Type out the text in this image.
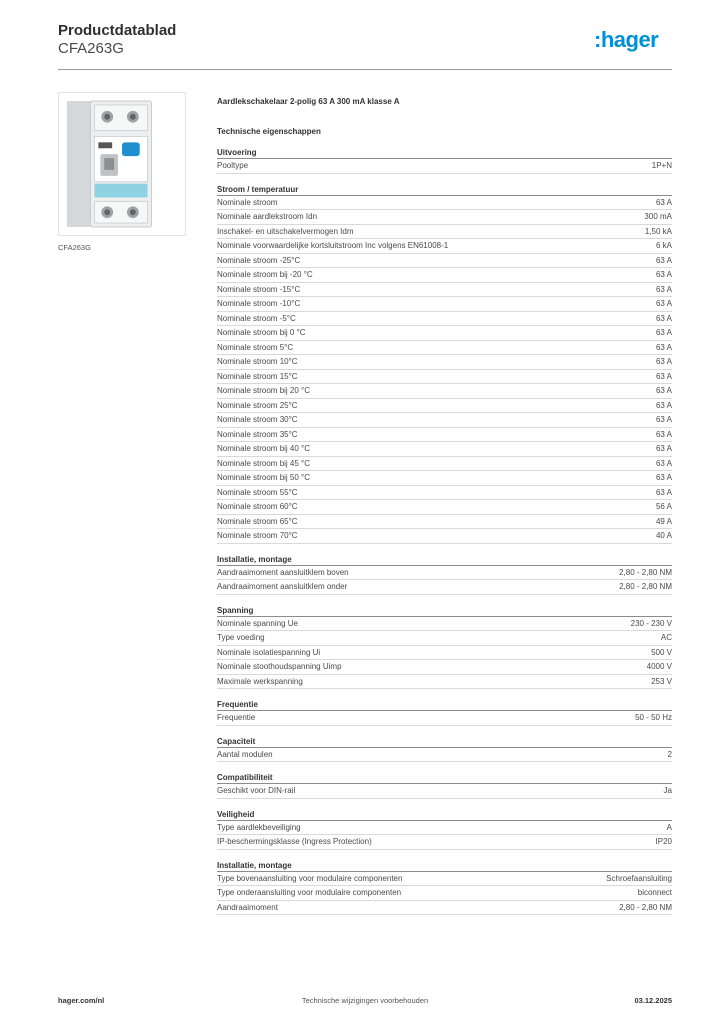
Productdatablad
CFA263G	:hager
CFA263G
Aardlekschakelaar 2-polig 63 A 300 mA klasse A
Technische eigenschappen
Uitvoering
Pooltype	1P+N
Stroom / temperatuur
Nominale stroom	63 A
Nominale aardlekstroom Idn	300 mA
Inschakel- en uitschakelvermogen Idm	1,50 kA
Nominale voorwaardelijke kortsluitstroom Inc volgens EN61008-1	6 kA
Nominale stroom -25°C	63 A
Nominale stroom bij -20 °C	63 A
Nominale stroom -15°C	63 A
Nominale stroom -10°C	63 A
Nominale stroom -5°C	63 A
Nominale stroom bij 0 °C	63 A
Nominale stroom 5°C	63 A
Nominale stroom 10°C	63 A
Nominale stroom 15°C	63 A
Nominale stroom bij 20 °C	63 A
Nominale stroom 25°C	63 A
Nominale stroom 30°C	63 A
Nominale stroom 35°C	63 A
Nominale stroom bij 40 °C	63 A
Nominale stroom bij 45 °C	63 A
Nominale stroom bij 50 °C	63 A
Nominale stroom 55°C	63 A
Nominale stroom 60°C	56 A
Nominale stroom 65°C	49 A
Nominale stroom 70°C	40 A
Installatie, montage
Aandraaimoment aansluitklem boven	2,80 - 2,80 NM
Aandraaimoment aansluitklem onder	2,80 - 2,80 NM
Spanning
Nominale spanning Ue	230 - 230 V
Type voeding	AC
Nominale isolatiespanning Ui	500 V
Nominale stoothoudspanning Uimp	4000 V
Maximale werkspanning	253 V
Frequentie
Frequentie	50 - 50 Hz
Capaciteit
Aantal modulen	2
Compatibiliteit
Geschikt voor DIN-rail	Ja
Veiligheid
Type aardlekbeveiliging	A
IP-beschermingsklasse (Ingress Protection)	IP20
Installatie, montage
Type bovenaansluiting voor modulaire componenten	Schroefaansluiting
Type onderaansluiting voor modulaire componenten	biconnect
Aandraaimoment	2,80 - 2,80 NM
hager.com/nl	Technische wijzigingen voorbehouden	03.12.2025
